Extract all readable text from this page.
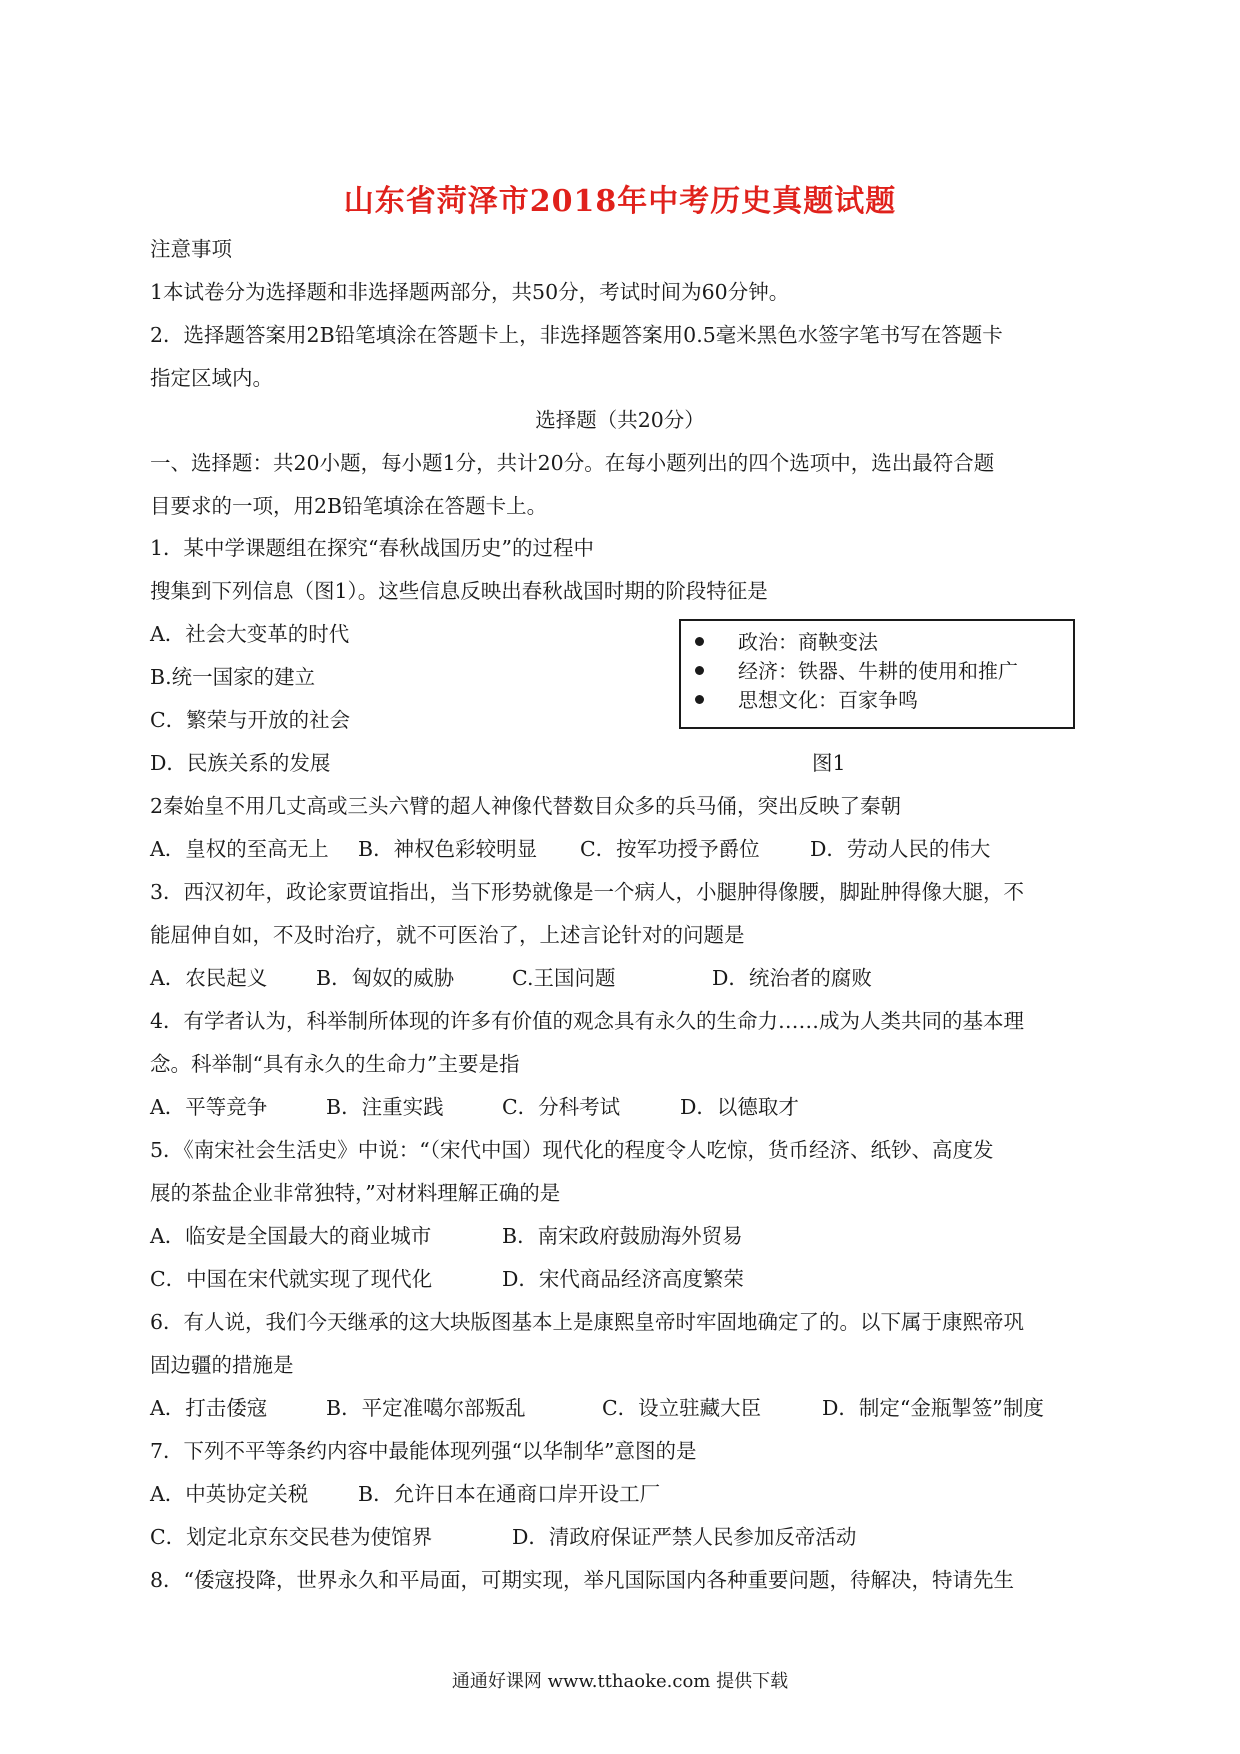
山东省菏泽市2018年中考历史真题试题
注意事项
1本试卷分为选择题和非选择题两部分，共50分，考试时间为60分钟。
2．选择题答案用2B铅笔填涂在答题卡上，非选择题答案用0.5毫米黑色水签字笔书写在答题卡
指定区域内。
选择题（共20分）
一、选择题：共20小题，每小题1分，共计20分。在每小题列出的四个选项中，选出最符合题
目要求的一项，用2B铅笔填涂在答题卡上。
1．某中学课题组在探究“春秋战国历史”的过程中
搜集到下列信息（图1）。这些信息反映出春秋战国时期的阶段特征是
A．社会大变革的时代
B.统一国家的建立
C．繁荣与开放的社会
D．民族关系的发展
政治：商鞅变法
经济：铁器、牛耕的使用和推广
思想文化：百家争鸣
图1
2秦始皇不用几丈高或三头六臂的超人神像代替数目众多的兵马俑，突出反映了秦朝
A．皇权的至高无上 B．神权色彩较明显 C．按军功授予爵位 D．劳动人民的伟大
3．西汉初年，政论家贾谊指出，当下形势就像是一个病人，小腿肿得像腰，脚趾肿得像大腿，不
能屈伸自如，不及时治疗，就不可医治了，上述言论针对的问题是
A．农民起义 B．匈奴的威胁	C.王国问题	D．统治者的腐败
4．有学者认为，科举制所体现的许多有价值的观念具有永久的生命力……成为人类共同的基本理
念。科举制“具有永久的生命力”主要是指
A．平等竞争	B．注重实践	C．分科考试	D．以德取才
5．《南宋社会生活史》中说：“（宋代中国）现代化的程度令人吃惊，货币经济、纸钞、高度发
展的茶盐企业非常独特，”对材料理解正确的是
A．临安是全国最大的商业城市	B．南宋政府鼓励海外贸易
C．中国在宋代就实现了现代化	D．宋代商品经济高度繁荣
6．有人说，我们今天继承的这大块版图基本上是康熙皇帝时牢固地确定了的。以下属于康熙帝巩
固边疆的措施是
A．打击倭寇	B．平定准噶尔部叛乱	C．设立驻藏大臣	D．制定“金瓶掣签”制度
7．下列不平等条约内容中最能体现列强“以华制华”意图的是
A．中英协定关税 B．允许日本在通商口岸开设工厂
C．划定北京东交民巷为使馆界	D．清政府保证严禁人民参加反帝活动
8．“倭寇投降，世界永久和平局面，可期实现，举凡国际国内各种重要问题，待解决，特请先生
通通好课网 www.tthaoke.com 提供下载
